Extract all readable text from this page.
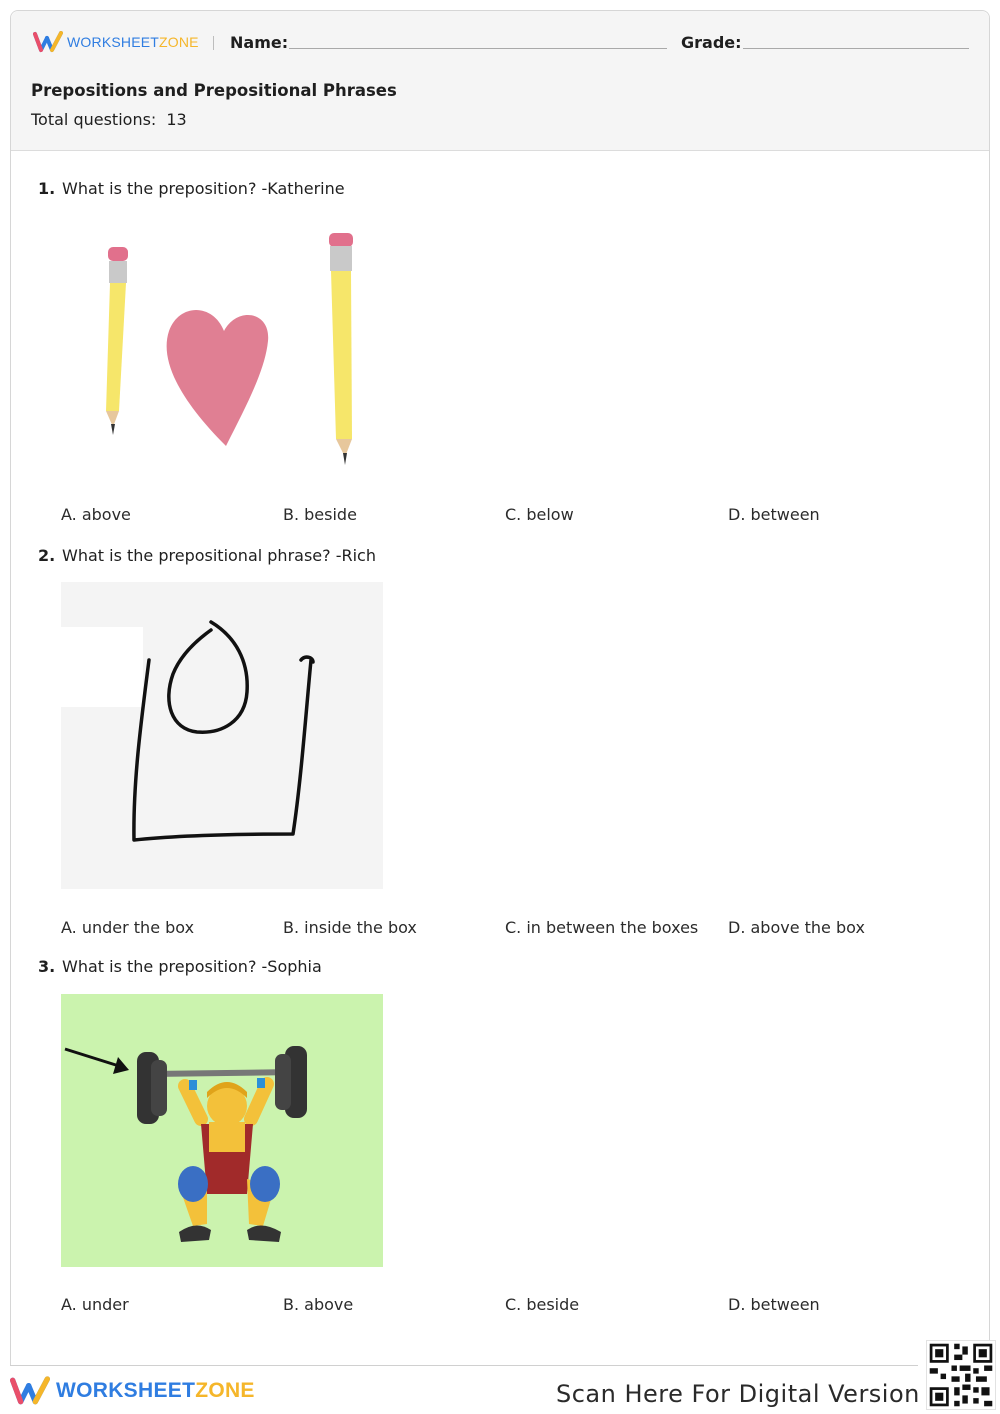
WORKSHEETZONE Name:	Grade:
Prepositions and Prepositional Phrases
Total questions: 13
1. What is the preposition? -Katherine
A. above	B. beside	C. below	D. between
2. What is the prepositional phrase? -Rich
A. under the box	B. inside the box	C. in between the boxes D. above the box
3. What is the preposition? -Sophia
A. under	B. above	C. beside	D. between
WORKSHEETZONE	Scan Here For Digital Version
